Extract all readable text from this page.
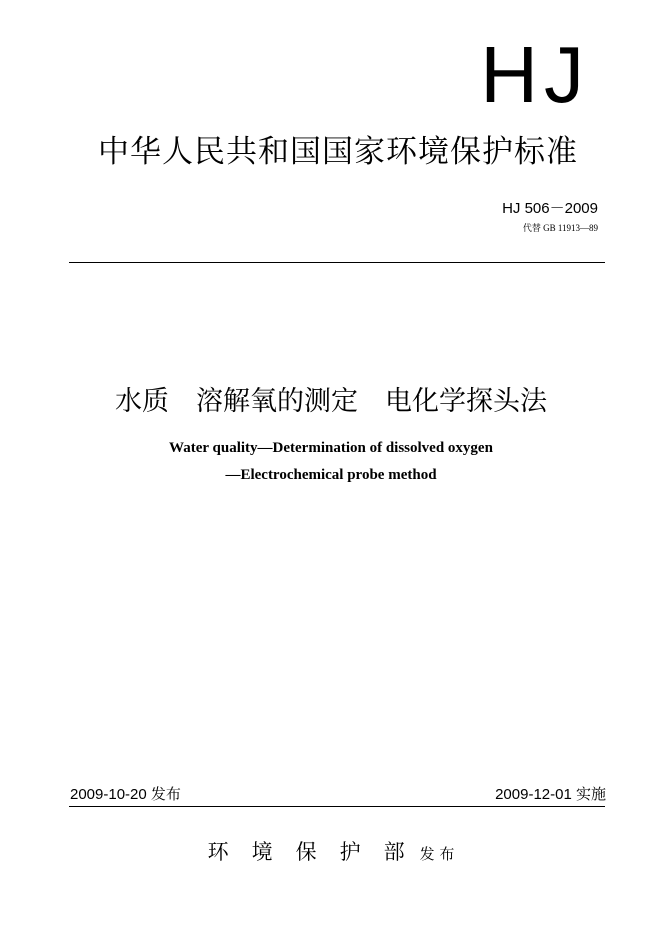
HJ
中华人民共和国国家环境保护标准
HJ 506－2009
代替 GB 11913—89
水质　溶解氧的测定　电化学探头法
Water quality—Determination of dissolved oxygen
—Electrochemical probe method
2009-10-20 发布	2009-12-01 实施
环　境　保　护　部 发 布
